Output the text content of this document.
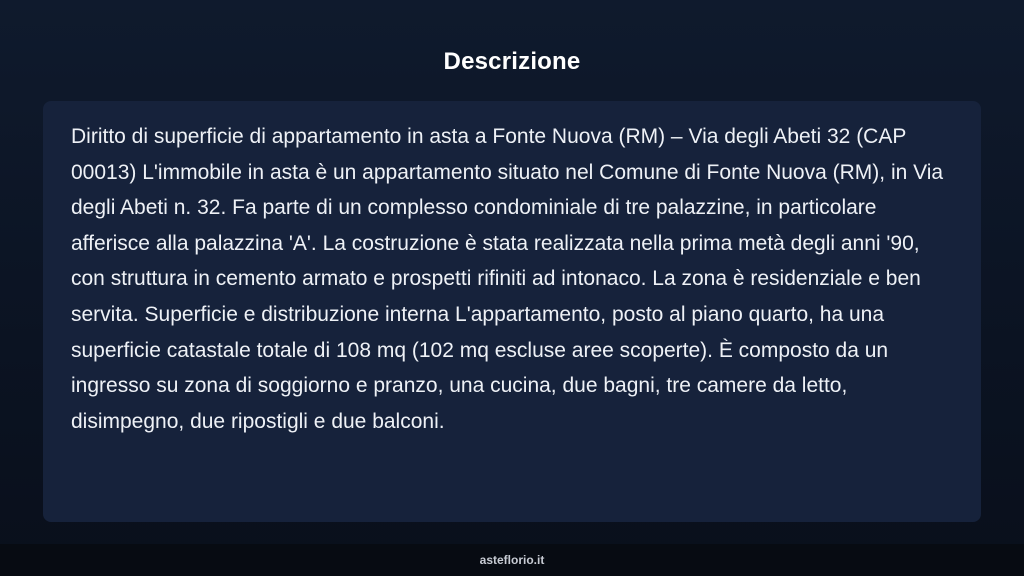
Descrizione

Diritto di superficie di appartamento in asta a Fonte Nuova (RM) – Via degli Abeti 32 (CAP 00013) L'immobile in asta è un appartamento situato nel Comune di Fonte Nuova (RM), in Via degli Abeti n. 32. Fa parte di un complesso condominiale di tre palazzine, in particolare afferisce alla palazzina 'A'. La costruzione è stata realizzata nella prima metà degli anni '90, con struttura in cemento armato e prospetti rifiniti ad intonaco. La zona è residenziale e ben servita. Superficie e distribuzione interna L'appartamento, posto al piano quarto, ha una superficie catastale totale di 108 mq (102 mq escluse aree scoperte). È composto da un ingresso su zona di soggiorno e pranzo, una cucina, due bagni, tre camere da letto, disimpegno, due ripostigli e due balconi.

asteflorio.it
